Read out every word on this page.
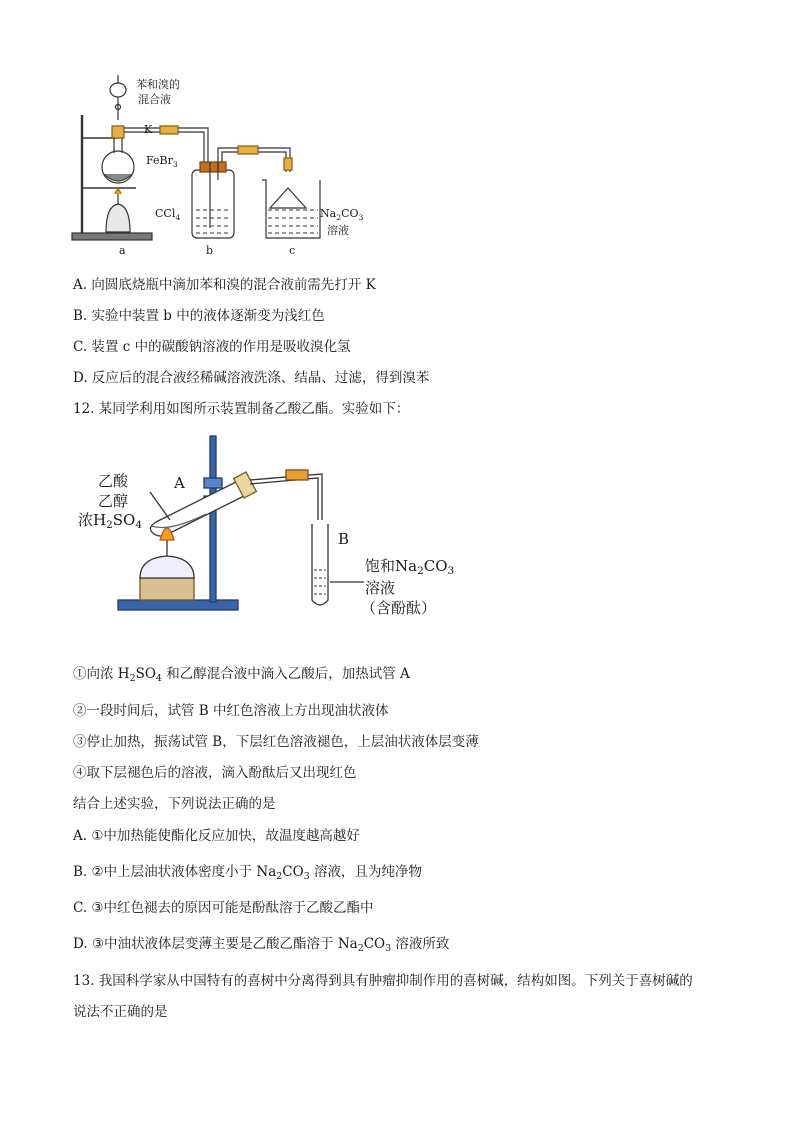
苯和溴的
混合液
K
FeBr$_3$
CCl$_4$	$Na_2CO_3$
溶液
a	b	c
A. 向圆底烧瓶中滴加苯和溴的混合液前需先打开 K
B. 实验中装置 b 中的液体逐渐变为浅红色
C. 装置 c 中的碳酸钠溶液的作用是吸收溴化氢
D. 反应后的混合液经稀碱溶液洗涤、结晶、过滤，得到溴苯
12. 某同学利用如图所示装置制备乙酸乙酯。实验如下：
乙酸
乙醇
浓$H_2SO_4$
A
B
饱和$Na_2CO_3$
溶液
（含酚酞）
①向浓 $H_2SO_4$ 和乙醇混合液中滴入乙酸后，加热试管 A
②一段时间后，试管 B 中红色溶液上方出现油状液体
③停止加热，振荡试管 B，下层红色溶液褪色，上层油状液体层变薄
④取下层褪色后的溶液，滴入酚酞后又出现红色
结合上述实验，下列说法正确的是
A. ①中加热能使酯化反应加快，故温度越高越好
B. ②中上层油状液体密度小于 $Na_2CO_3$ 溶液，且为纯净物
C. ③中红色褪去的原因可能是酚酞溶于乙酸乙酯中
D. ③中油状液体层变薄主要是乙酸乙酯溶于 $Na_2CO_3$ 溶液所致
13. 我国科学家从中国特有的喜树中分离得到具有肿瘤抑制作用的喜树碱，结构如图。下列关于喜树碱的
说法不正确的是
